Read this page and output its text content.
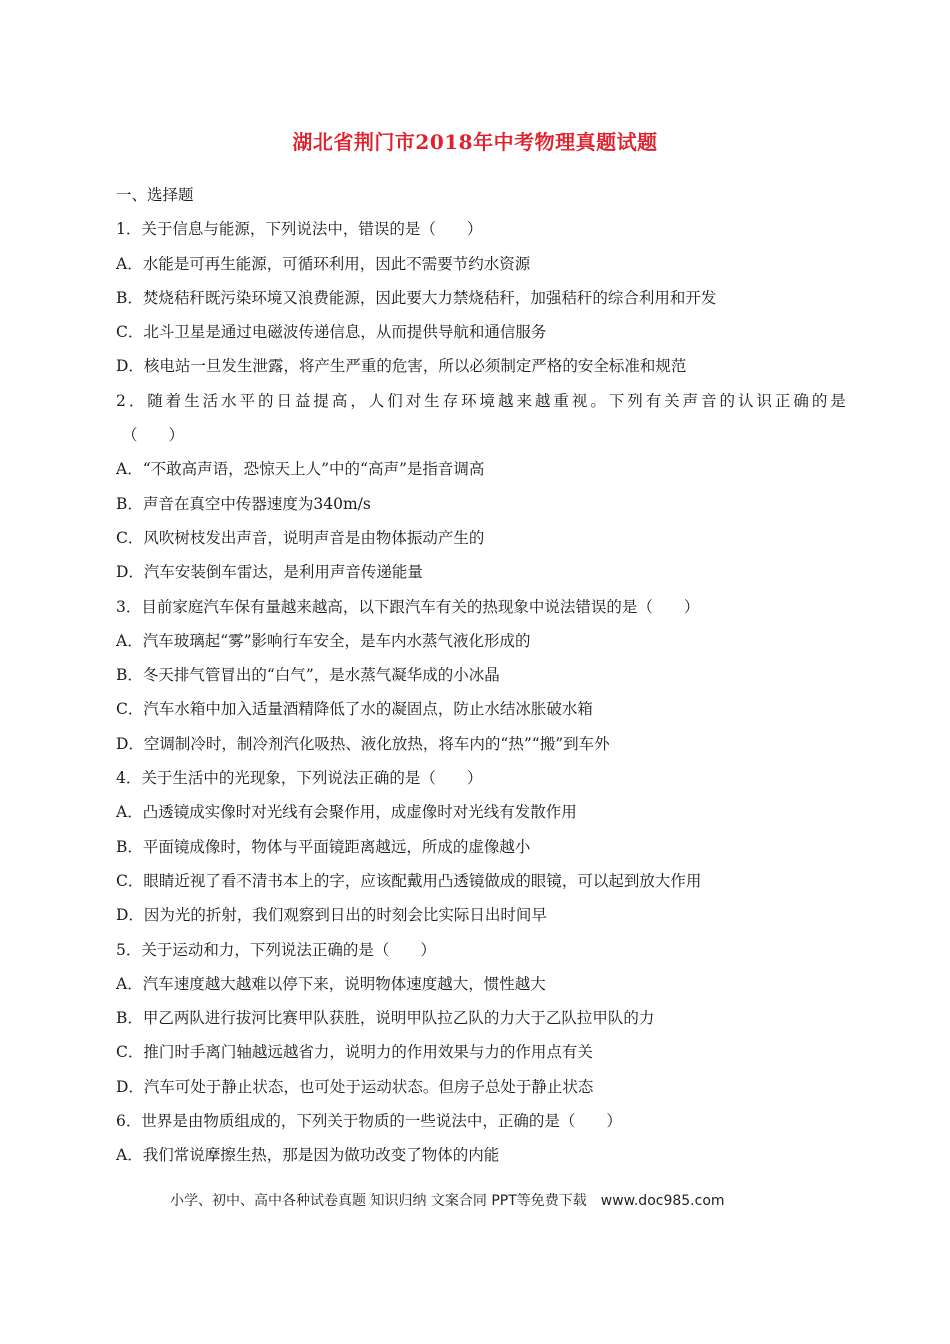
湖北省荆门市2018年中考物理真题试题
一、选择题
1．关于信息与能源，下列说法中，错误的是（　　）
A．水能是可再生能源，可循环利用，因此不需要节约水资源
B．焚烧秸秆既污染环境又浪费能源，因此要大力禁烧秸秆，加强秸秆的综合利用和开发
C．北斗卫星是通过电磁波传递信息，从而提供导航和通信服务
D．核电站一旦发生泄露，将产生严重的危害，所以必须制定严格的安全标准和规范
2．随着生活水平的日益提高，人们对生存环境越来越重视。下列有关声音的认识正确的是
（　　）
A．“不敢高声语，恐惊天上人”中的“高声”是指音调高
B．声音在真空中传器速度为340m/s
C．风吹树枝发出声音，说明声音是由物体振动产生的
D．汽车安装倒车雷达，是利用声音传递能量
3．目前家庭汽车保有量越来越高，以下跟汽车有关的热现象中说法错误的是（　　）
A．汽车玻璃起“雾”影响行车安全，是车内水蒸气液化形成的
B．冬天排气管冒出的“白气”，是水蒸气凝华成的小冰晶
C．汽车水箱中加入适量酒精降低了水的凝固点，防止水结冰胀破水箱
D．空调制冷时，制冷剂汽化吸热、液化放热，将车内的“热”“搬”到车外
4．关于生活中的光现象，下列说法正确的是（　　）
A．凸透镜成实像时对光线有会聚作用，成虚像时对光线有发散作用
B．平面镜成像时，物体与平面镜距离越远，所成的虚像越小
C．眼睛近视了看不清书本上的字，应该配戴用凸透镜做成的眼镜，可以起到放大作用
D．因为光的折射，我们观察到日出的时刻会比实际日出时间早
5．关于运动和力，下列说法正确的是（　　）
A．汽车速度越大越难以停下来，说明物体速度越大，惯性越大
B．甲乙两队进行拔河比赛甲队获胜，说明甲队拉乙队的力大于乙队拉甲队的力
C．推门时手离门轴越远越省力，说明力的作用效果与力的作用点有关
D．汽车可处于静止状态，也可处于运动状态。但房子总处于静止状态
6．世界是由物质组成的，下列关于物质的一些说法中，正确的是（　　）
A．我们常说摩擦生热，那是因为做功改变了物体的内能
小学、初中、高中各种试卷真题 知识归纳 文案合同 PPT等免费下载　www.doc985.com
